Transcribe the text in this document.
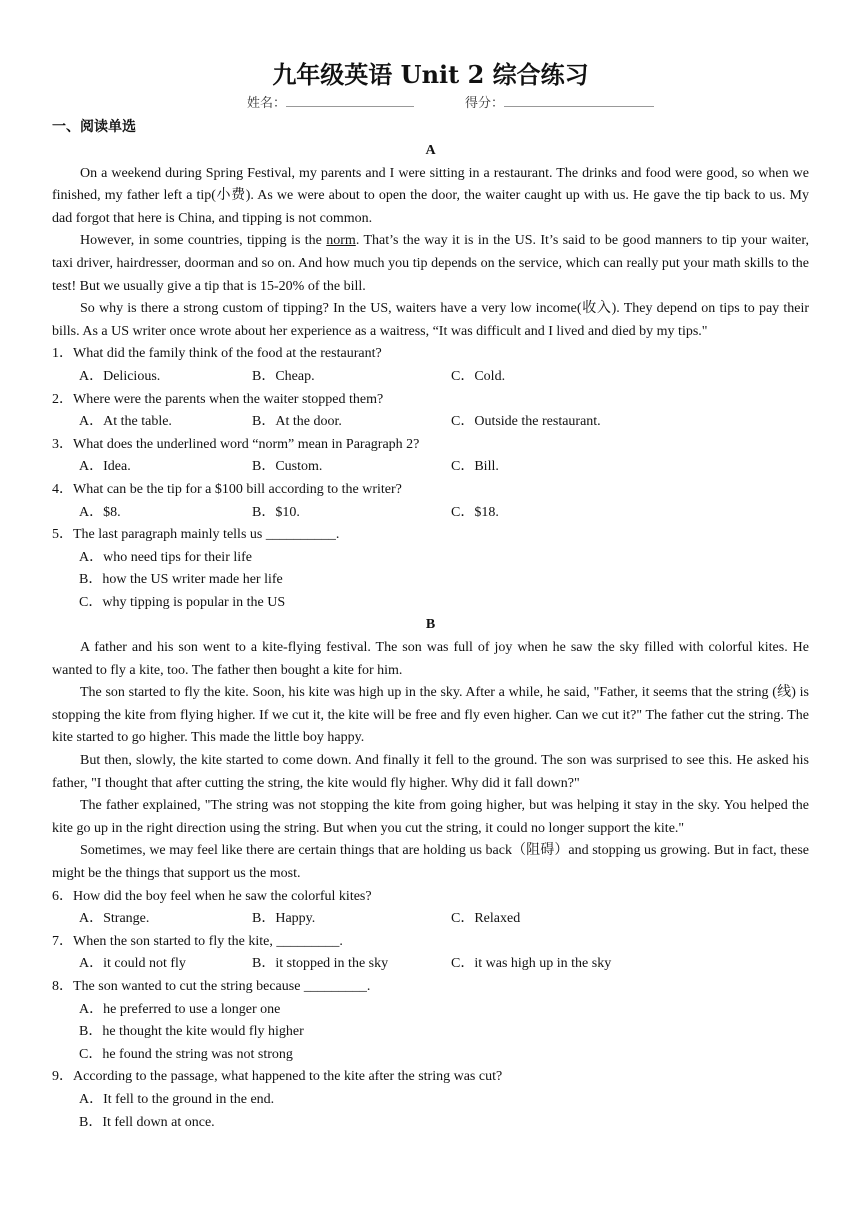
九年级英语 Unit 2 综合练习
姓名：	得分：
一、阅读单选
A

On a weekend during Spring Festival, my parents and I were sitting in a restaurant. The drinks and food were good, so when we finished, my father left a tip(小费). As we were about to open the door, the waiter caught up with us. He gave the tip back to us. My dad forgot that here is China, and tipping is not common.

However, in some countries, tipping is the norm. That’s the way it is in the US. It’s said to be good manners to tip your waiter, taxi driver, hairdresser, doorman and so on. And how much you tip depends on the service, which can really put your math skills to the test! But we usually give a tip that is 15-20% of the bill.

So why is there a strong custom of tipping? In the US, waiters have a very low income(收入). They depend on tips to pay their bills. As a US writer once wrote about her experience as a waitress, “It was difficult and I lived and died by my tips."

1．What did the family think of the food at the restaurant?
A．Delicious.	B．Cheap.	C．Cold.
2．Where were the parents when the waiter stopped them?
A．At the table.	B．At the door.	C．Outside the restaurant.
3．What does the underlined word “norm” mean in Paragraph 2?
A．Idea.	B．Custom.	C．Bill.
4．What can be the tip for a $100 bill according to the writer?
A．$8.	B．$10.	C．$18.
5．The last paragraph mainly tells us __________.
A．who need tips for their life
B．how the US writer made her life
C．why tipping is popular in the US
B

A father and his son went to a kite-flying festival. The son was full of joy when he saw the sky filled with colorful kites. He wanted to fly a kite, too. The father then bought a kite for him.

The son started to fly the kite. Soon, his kite was high up in the sky. After a while, he said, "Father, it seems that the string (线) is stopping the kite from flying higher. If we cut it, the kite will be free and fly even higher. Can we cut it?" The father cut the string. The kite started to go higher. This made the little boy happy.

But then, slowly, the kite started to come down. And finally it fell to the ground. The son was surprised to see this. He asked his father, "I thought that after cutting the string, the kite would fly higher. Why did it fall down?"

The father explained, "The string was not stopping the kite from going higher, but was helping it stay in the sky. You helped the kite go up in the right direction using the string. But when you cut the string, it could no longer support the kite."

Sometimes, we may feel like there are certain things that are holding us back（阻碍）and stopping us growing. But in fact, these might be the things that support us the most.

6．How did the boy feel when he saw the colorful kites?
A．Strange.	B．Happy.	C．Relaxed
7．When the son started to fly the kite, _________.
A．it could not fly	B．it stopped in the sky	C．it was high up in the sky
8．The son wanted to cut the string because _________.
A．he preferred to use a longer one
B．he thought the kite would fly higher
C．he found the string was not strong
9．According to the passage, what happened to the kite after the string was cut?
A．It fell to the ground in the end.
B．It fell down at once.
